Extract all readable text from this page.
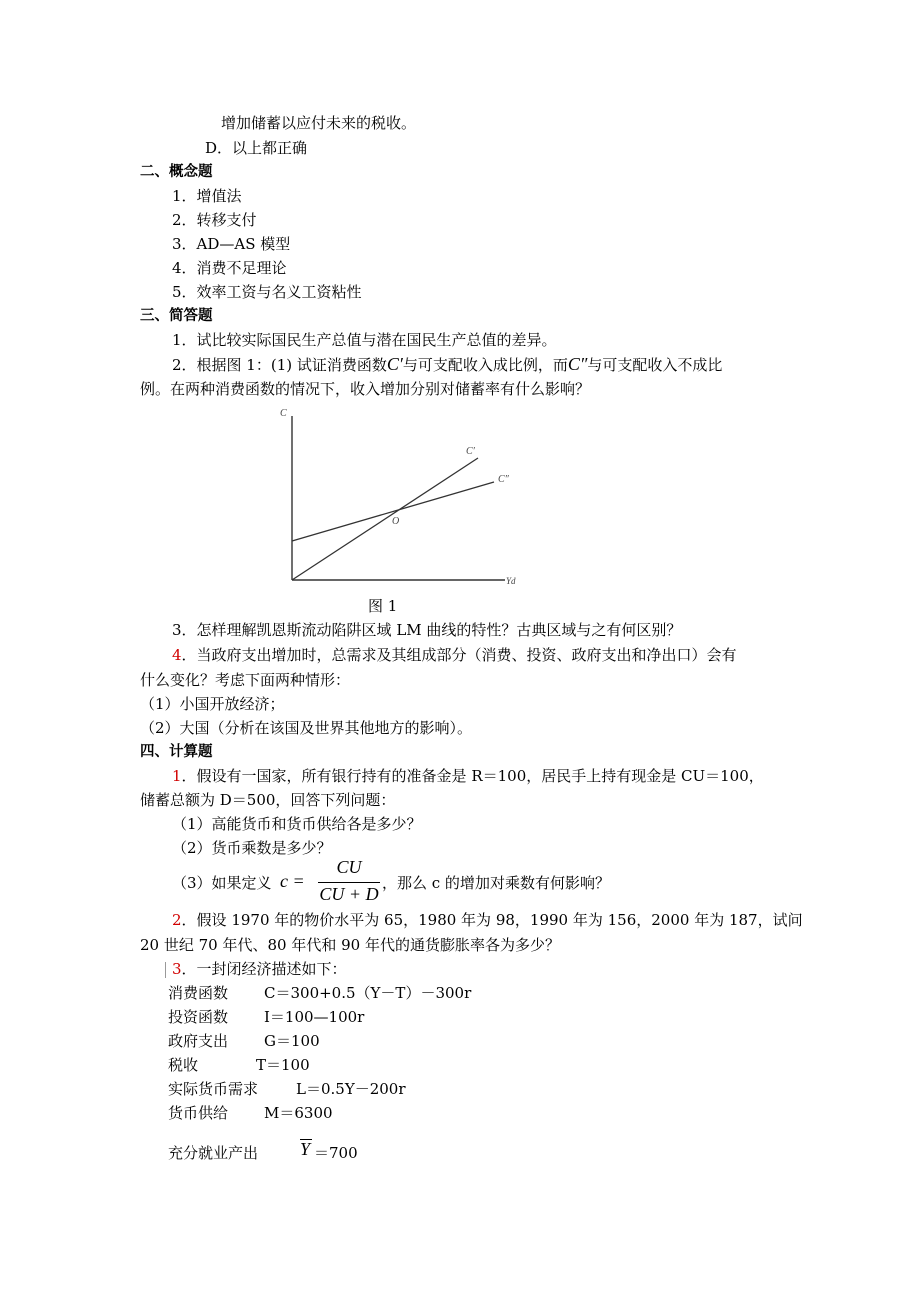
增加储蓄以应付未来的税收。
D．以上都正确
二、概念题
1．增值法
2．转移支付
3．AD—AS 模型
4．消费不足理论
5．效率工资与名义工资粘性
三、简答题
1．试比较实际国民生产总值与潜在国民生产总值的差异。
2．根据图 1：(1) 试证消费函数C′与可支配收入成比例，而C″与可支配收入不成比
例。在两种消费函数的情况下，收入增加分别对储蓄率有什么影响？
C
Yd
C′
C″
O
图 1
3．怎样理解凯恩斯流动陷阱区域 LM 曲线的特性？古典区域与之有何区别？
4．当政府支出增加时，总需求及其组成部分（消费、投资、政府支出和净出口）会有
什么变化？考虑下面两种情形：
（1）小国开放经济；
（2）大国（分析在该国及世界其他地方的影响）。
四、计算题
1．假设有一国家，所有银行持有的准备金是 R＝100，居民手上持有现金是 CU＝100，
储蓄总额为 D＝500，回答下列问题：
（1）高能货币和货币供给各是多少？
（2）货币乘数是多少？
（3）如果定义 c =
CU
CU + D
，那么 c 的增加对乘数有何影响？
2．假设 1970 年的物价水平为 65，1980 年为 98，1990 年为 156，2000 年为 187，试问
20 世纪 70 年代、80 年代和 90 年代的通货膨胀率各为多少？
3．一封闭经济描述如下：
消费函数 C＝300+0.5（Y－T）－300r
投资函数 I＝100—100r
政府支出 G＝100
税收	T＝100
实际货币需求	L＝0.5Y－200r
货币供给 M＝6300
充分就业产出 Y ＝700
